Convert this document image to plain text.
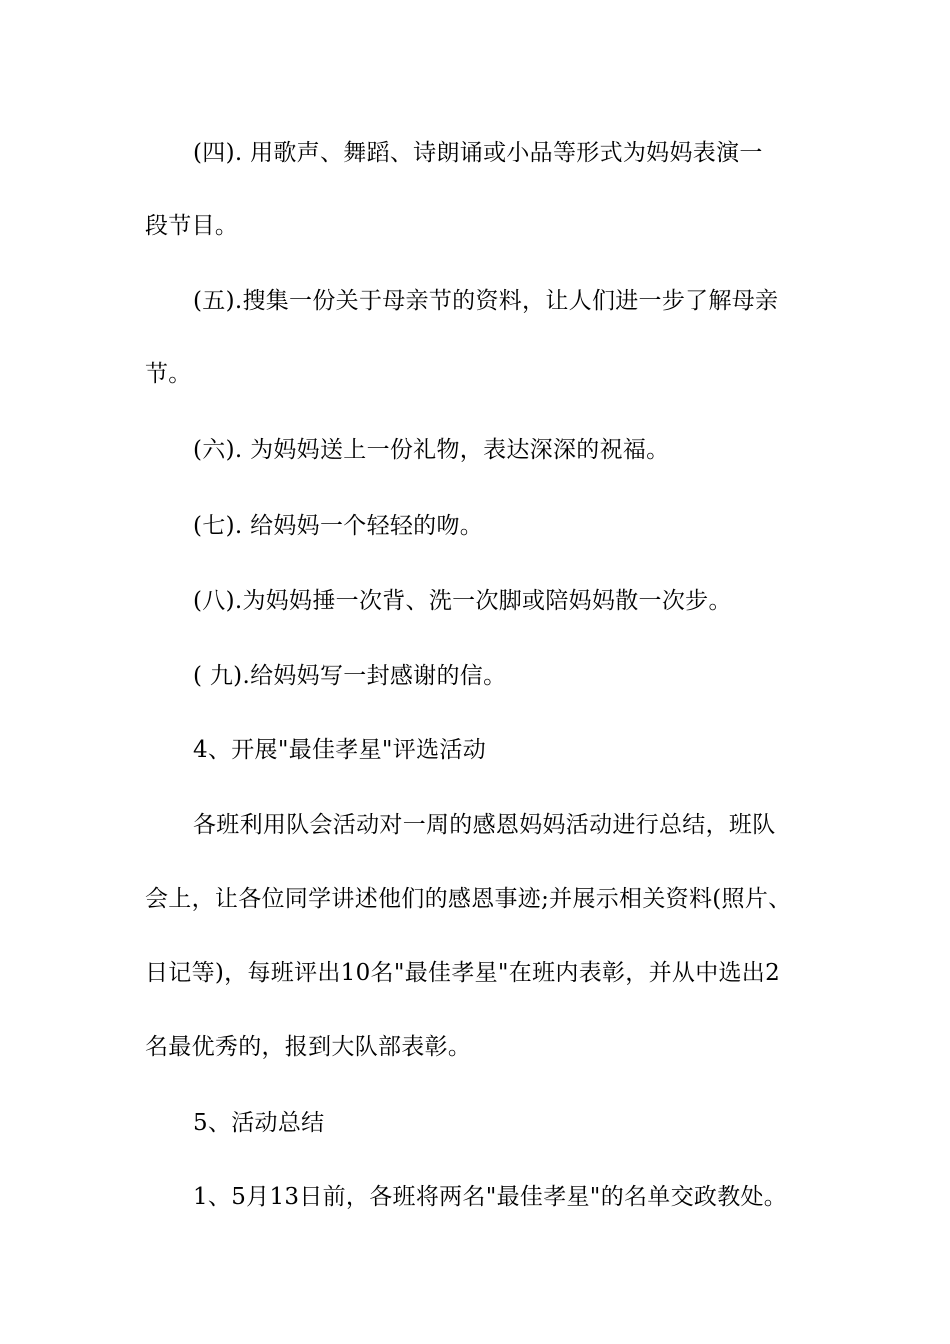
(四). 用歌声、舞蹈、诗朗诵或小品等形式为妈妈表演一
段节目。
(五).搜集一份关于母亲节的资料，让人们进一步了解母亲
节。
(六). 为妈妈送上一份礼物，表达深深的祝福。
(七). 给妈妈一个轻轻的吻。
(八).为妈妈捶一次背、洗一次脚或陪妈妈散一次步。
( 九).给妈妈写一封感谢的信。
4、开展"最佳孝星"评选活动
各班利用队会活动对一周的感恩妈妈活动进行总结，班队
会上，让各位同学讲述他们的感恩事迹;并展示相关资料(照片、
日记等)，每班评出10名"最佳孝星"在班内表彰，并从中选出2
名最优秀的，报到大队部表彰。
5、活动总结
1、5月13日前，各班将两名"最佳孝星"的名单交政教处。
